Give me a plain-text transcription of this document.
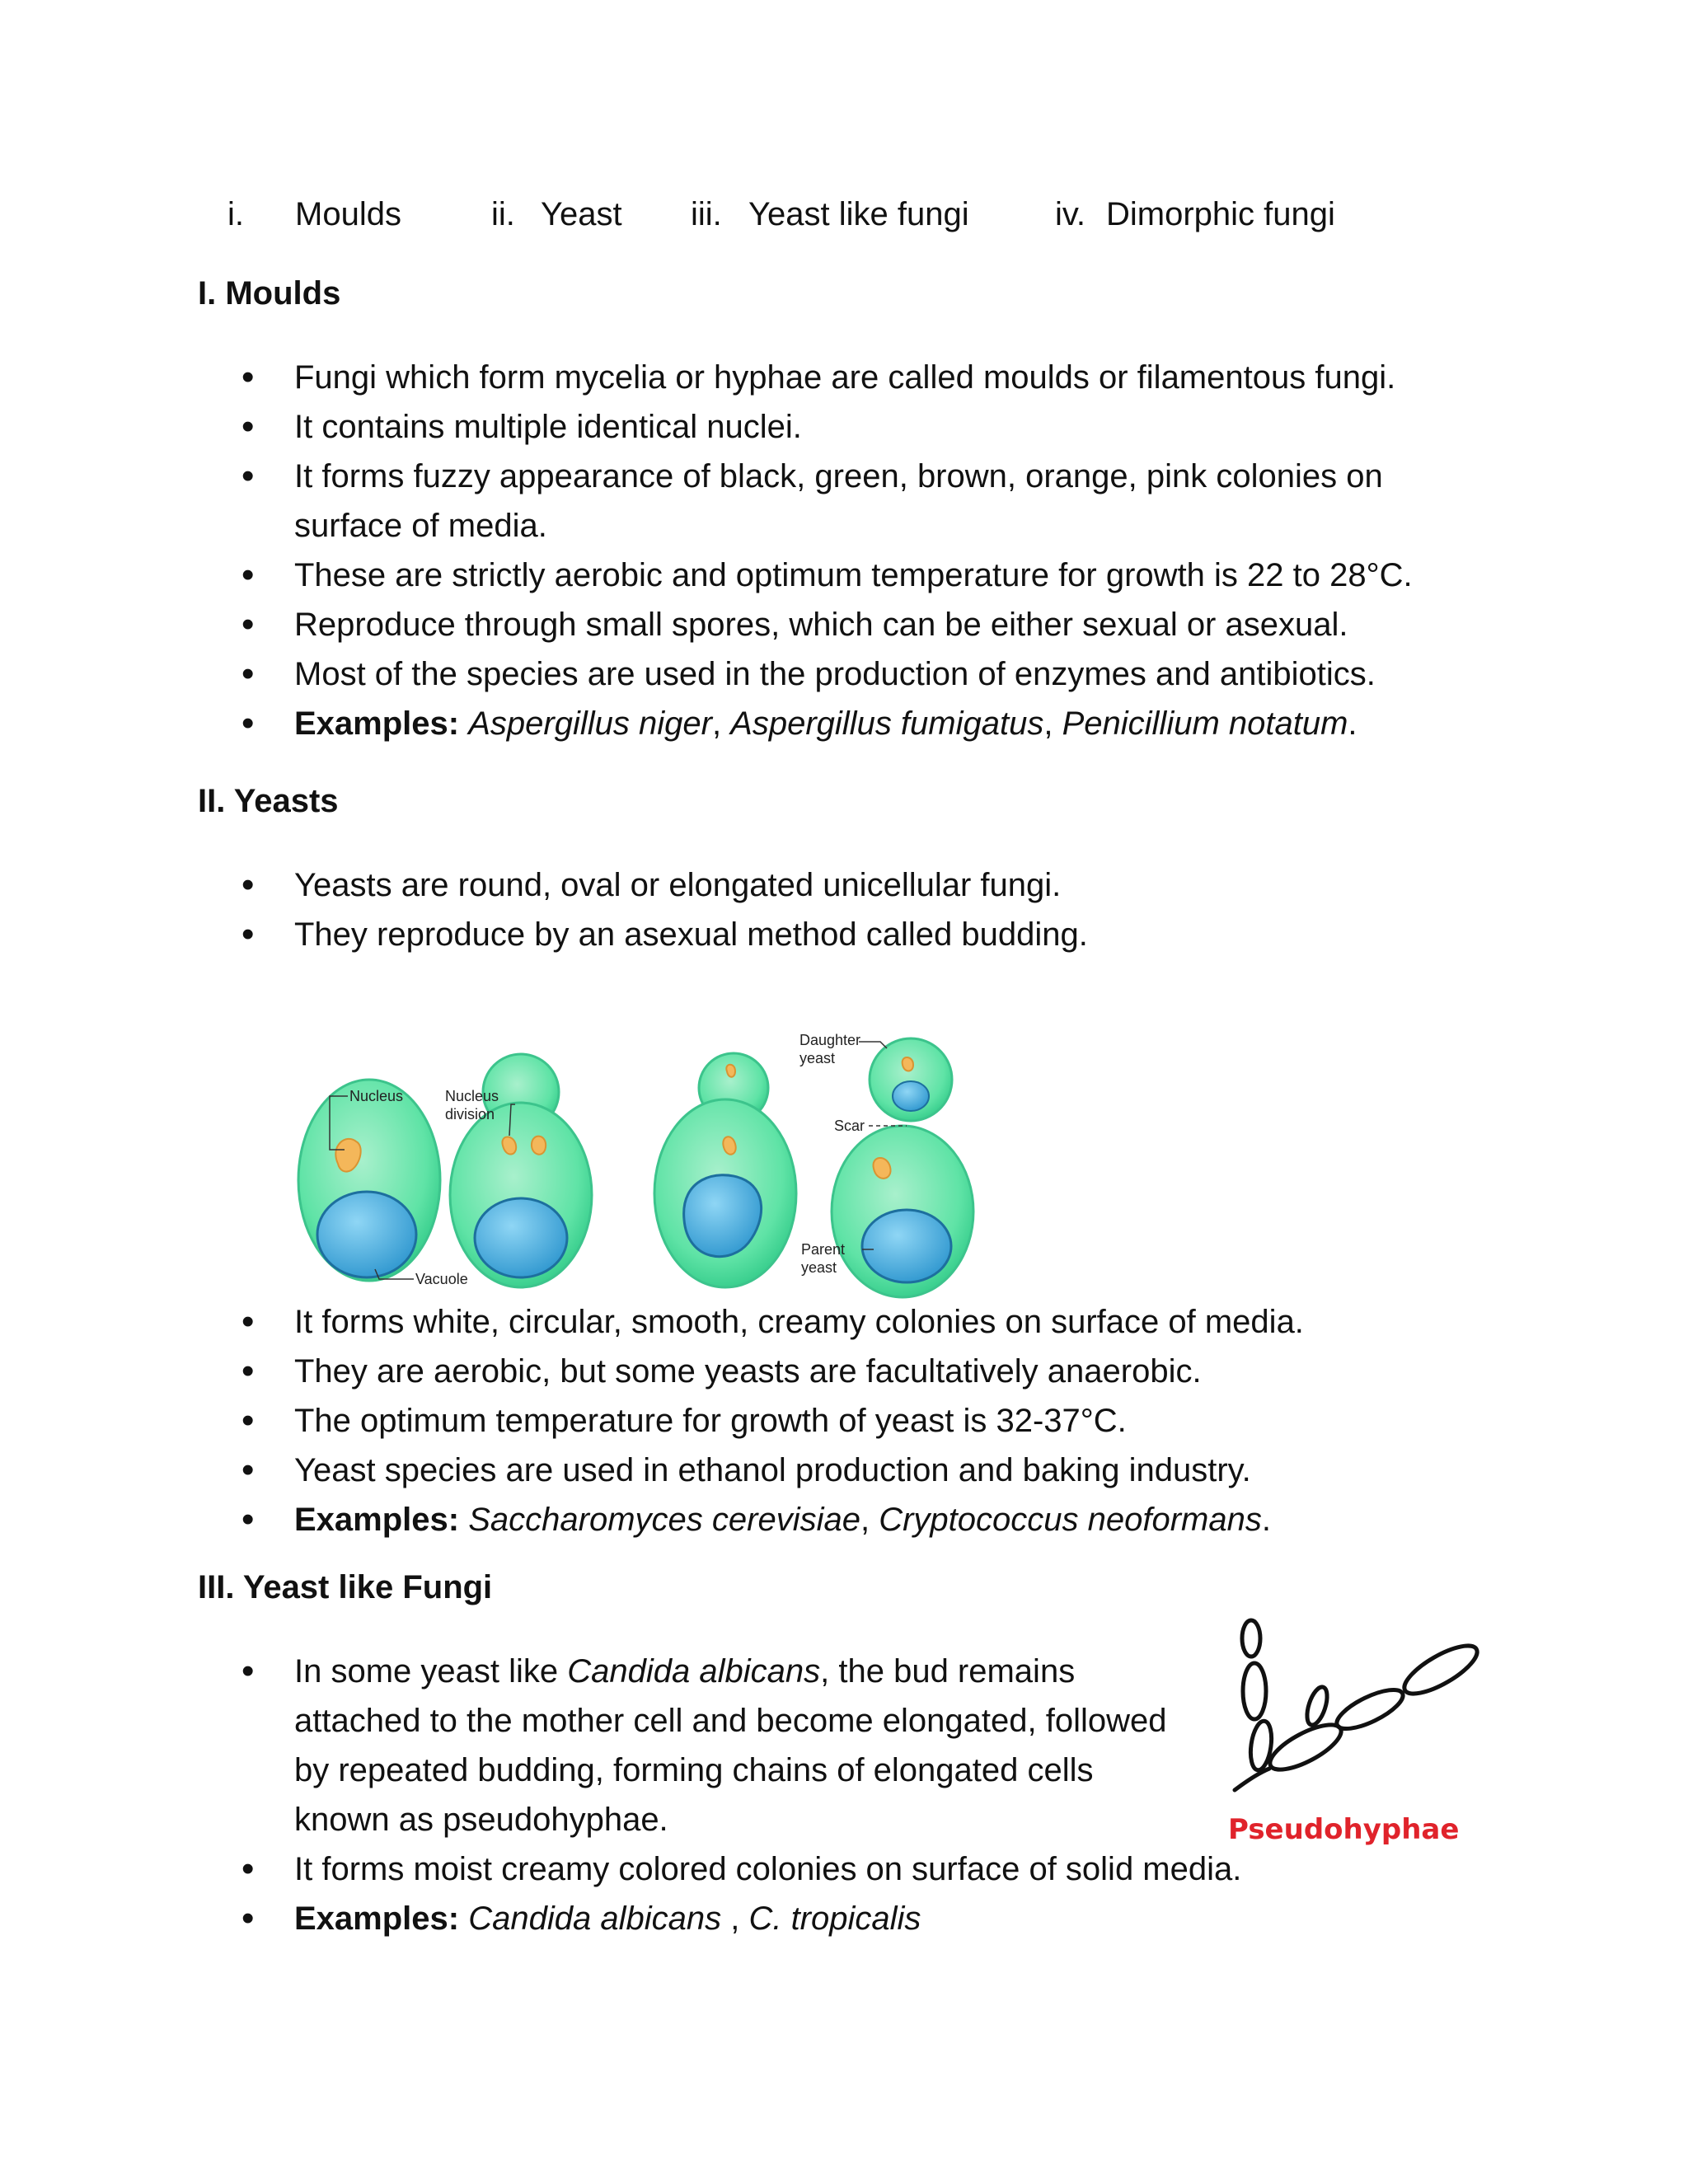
i. Moulds	ii. Yeast iii. Yeast like fungi	iv. Dimorphic fungi
I. Moulds
• Fungi which form mycelia or hyphae are called moulds or filamentous fungi.
• It contains multiple identical nuclei.
• It forms fuzzy appearance of black, green, brown, orange, pink colonies on surface of media.
• These are strictly aerobic and optimum temperature for growth is 22 to 28°C.
• Reproduce through small spores, which can be either sexual or asexual.
• Most of the species are used in the production of enzymes and antibiotics.
• Examples: Aspergillus niger, Aspergillus fumigatus, Penicillium notatum.
II. Yeasts
• Yeasts are round, oval or elongated unicellular fungi.
• They reproduce by an asexual method called budding.
Nucleus	Nucleus
division
Vacuole
Daughter
yeast
Scar
Parent
yeast
• It forms white, circular, smooth, creamy colonies on surface of media.
• They are aerobic, but some yeasts are facultatively anaerobic.
• The optimum temperature for growth of yeast is 32-37°C.
• Yeast species are used in ethanol production and baking industry.
• Examples: Saccharomyces cerevisiae, Cryptococcus neoformans.
III. Yeast like Fungi
• In some yeast like Candida albicans, the bud remains attached to the mother cell and become elongated, followed by repeated budding, forming chains of elongated cells known as pseudohyphae.
• It forms moist creamy colored colonies on surface of solid media.
• Examples: Candida albicans , C. tropicalis
Pseudohyphae
